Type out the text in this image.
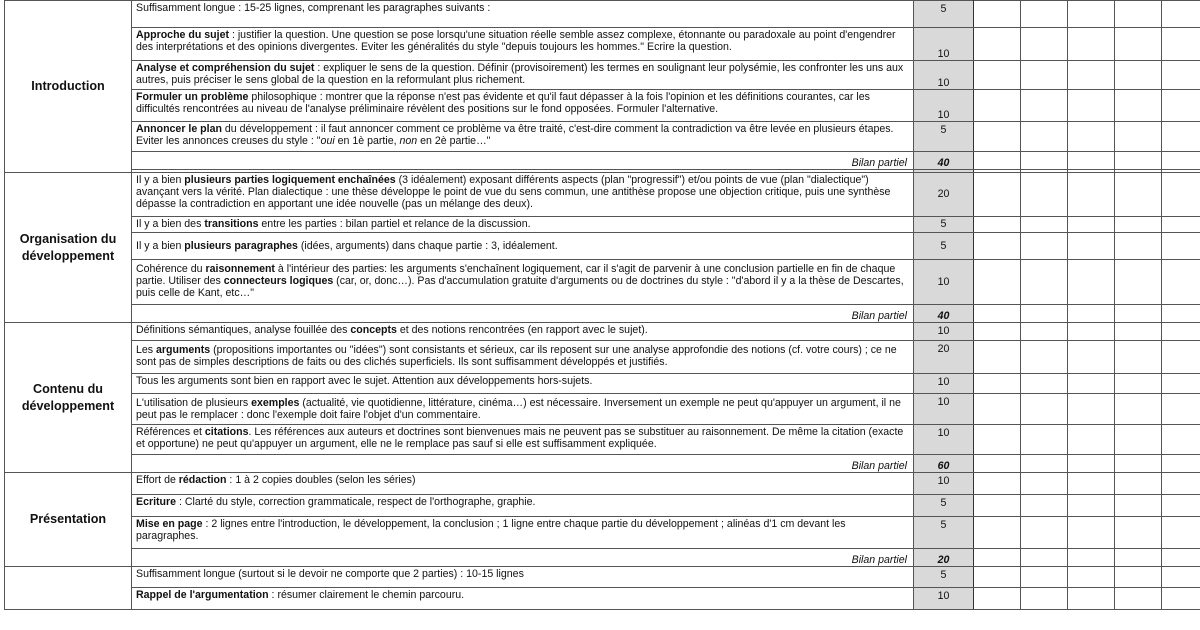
Introduction	Suffisamment longue : 15-25 lignes, comprenant les paragraphes suivants :	5					
	Approche du sujet : justifier la question. Une question se pose lorsqu'une situation réelle semble assez complexe, étonnante ou paradoxale au point d'engendrer des interprétations et des opinions divergentes. Eviter les généralités du style "depuis toujours les hommes." Ecrire la question.	10					
	Analyse et compréhension du sujet : expliquer le sens de la question. Définir (provisoirement) les termes en soulignant leur polysémie, les confronter les uns aux autres, puis préciser le sens global de la question en la reformulant plus richement.	10					
	Formuler un problème philosophique : montrer que la réponse n'est pas évidente et qu'il faut dépasser à la fois l'opinion et les définitions courantes, car les difficultés rencontrées au niveau de l'analyse préliminaire révèlent des positions sur le fond opposées. Formuler l'alternative.	10					
	Annoncer le plan du développement : il faut annoncer comment ce problème va être traité, c'est-dire comment la contradiction va être levée en plusieurs étapes. Eviter les annonces creuses du style : "oui en 1è partie, non en 2è partie…"	5					
	Bilan partiel	40					

Organisation du
développement	Il y a bien plusieurs parties logiquement enchaînées (3 idéalement) exposant différents aspects (plan "progressif") et/ou points de vue (plan "dialectique") avançant vers la vérité. Plan dialectique : une thèse développe le point de vue du sens commun, une antithèse propose une objection critique, puis une synthèse dépasse la contradiction en apportant une idée nouvelle (pas un mélange des deux).	20					
	Il y a bien des transitions entre les parties : bilan partiel et relance de la discussion.	5					
	Il y a bien plusieurs paragraphes (idées, arguments) dans chaque partie : 3, idéalement.	5					
	Cohérence du raisonnement à l'intérieur des parties: les arguments s'enchaînent logiquement, car il s'agit de parvenir à une conclusion partielle en fin de chaque partie. Utiliser des connecteurs logiques (car, or, donc…). Pas d'accumulation gratuite d'arguments ou de doctrines du style : "d'abord il y a la thèse de Descartes, puis celle de Kant, etc…"	10					
	Bilan partiel	40					
Contenu du
développement	Définitions sémantiques, analyse fouillée des concepts et des notions rencontrées (en rapport avec le sujet).	10					
	Les arguments (propositions importantes ou "idées") sont consistants et sérieux, car ils reposent sur une analyse approfondie des notions (cf. votre cours) ; ce ne sont pas de simples descriptions de faits ou des clichés superficiels. Ils sont suffisamment développés et justifiés.	20					
	Tous les arguments sont bien en rapport avec le sujet. Attention aux développements hors-sujets.	10					
	L'utilisation de plusieurs exemples (actualité, vie quotidienne, littérature, cinéma…) est nécessaire. Inversement un exemple ne peut qu'appuyer un argument, il ne peut pas le remplacer : donc l'exemple doit faire l'objet d'un commentaire.	10					
	Références et citations. Les références aux auteurs et doctrines sont bienvenues mais ne peuvent pas se substituer au raisonnement. De même la citation (exacte et opportune) ne peut qu'appuyer un argument, elle ne le remplace pas sauf si elle est suffisamment expliquée.	10					
	Bilan partiel	60					
Présentation	Effort de rédaction : 1 à 2 copies doubles (selon les séries)	10					
	Ecriture : Clarté du style, correction grammaticale, respect de l'orthographe, graphie.	5					
	Mise en page : 2 lignes entre l'introduction, le développement, la conclusion ; 1 ligne entre chaque partie du développement ; alinéas d'1 cm devant les paragraphes.	5					
	Bilan partiel	20					
	Suffisamment longue (surtout si le devoir ne comporte que 2 parties) : 10-15 lignes	5					
	Rappel de l'argumentation : résumer clairement le chemin parcouru.	10					
